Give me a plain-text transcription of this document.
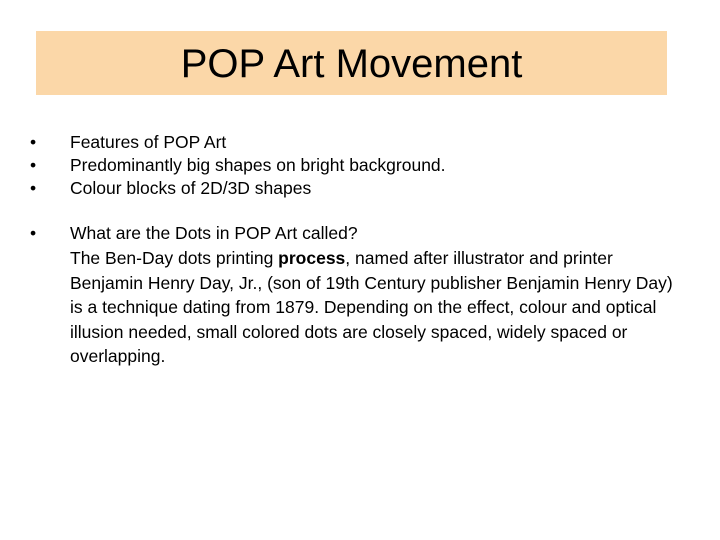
POP Art Movement
•
Features of POP Art
•
Predominantly big shapes on bright background.
•
Colour blocks of 2D/3D shapes
•
What are the Dots in POP Art called?
The Ben-Day dots printing process, named after illustrator and printer Benjamin Henry Day, Jr., (son of 19th Century publisher Benjamin Henry Day) is a technique dating from 1879. Depending on the effect, colour and optical illusion needed, small colored dots are closely spaced, widely spaced or overlapping.
